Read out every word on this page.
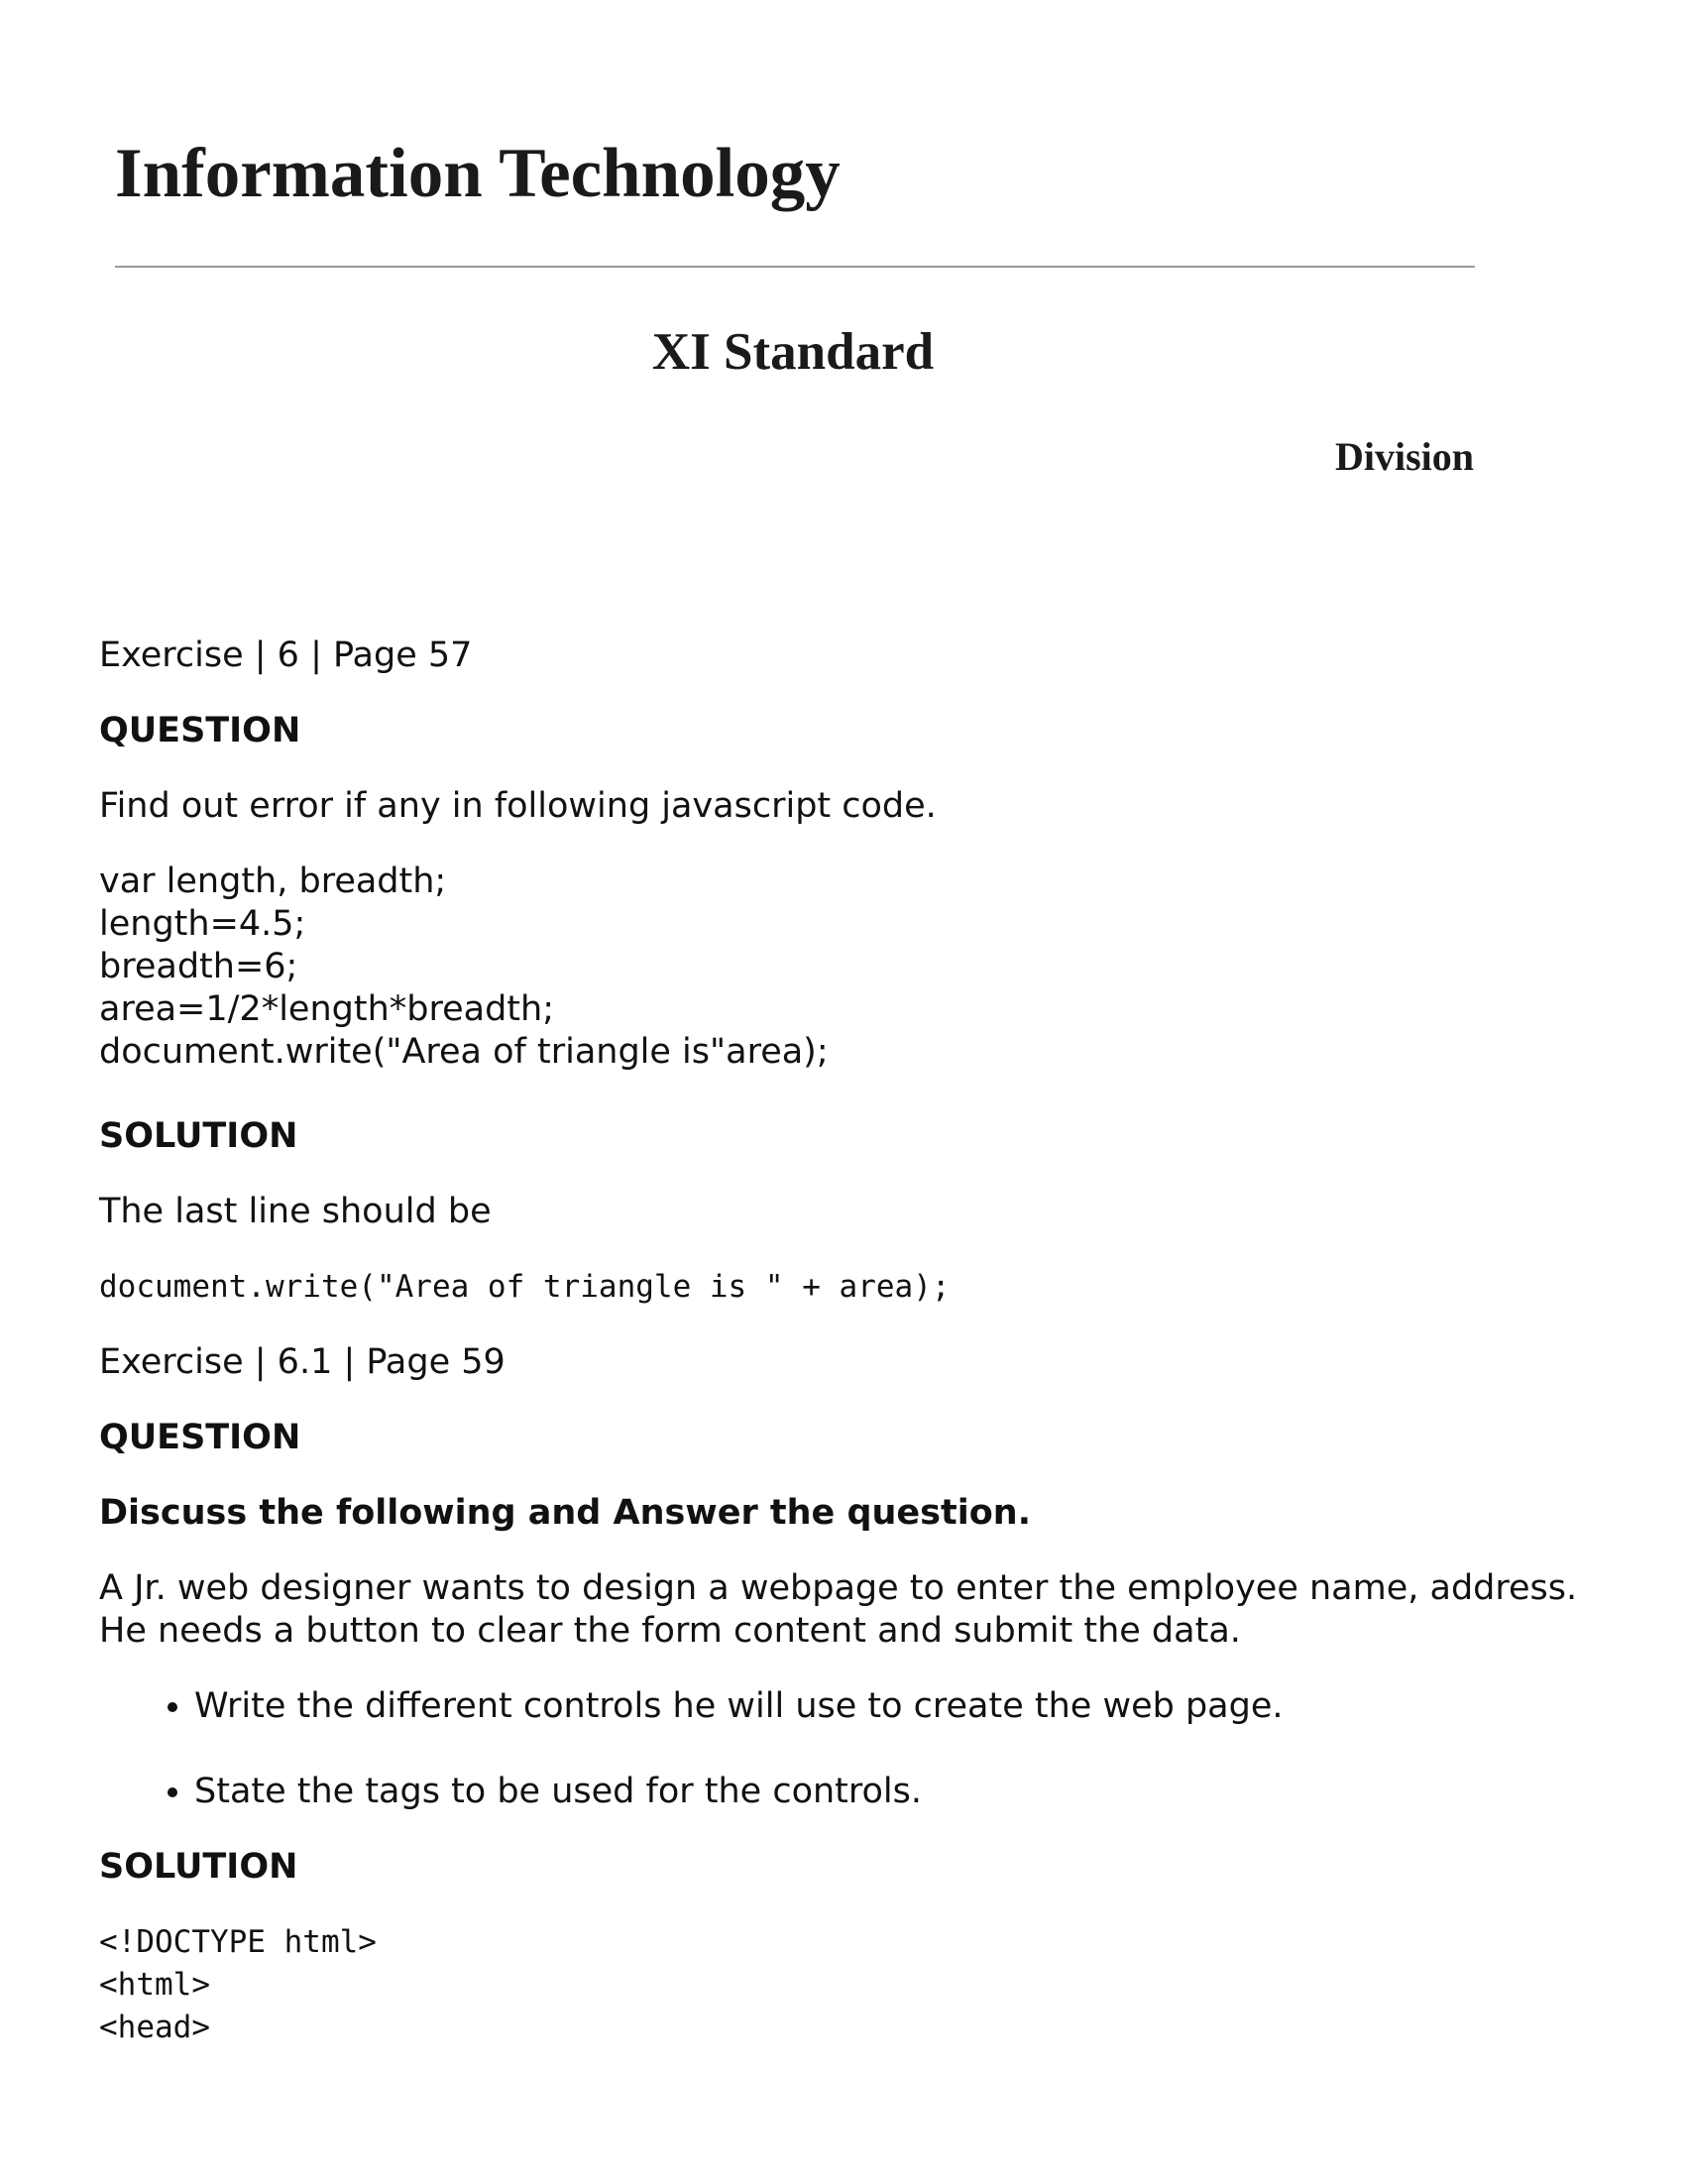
Information Technology
XI Standard
Division

Exercise | 6 | Page 57

QUESTION

Find out error if any in following javascript code.

var length, breadth;
length=4.5;
breadth=6;
area=1/2*length*breadth;
document.write("Area of triangle is"area);

SOLUTION

The last line should be

document.write("Area of triangle is " + area);

Exercise | 6.1 | Page 59

QUESTION

Discuss the following and Answer the question.

A Jr. web designer wants to design a webpage to enter the employee name, address. He needs a button to clear the form content and submit the data.

• Write the different controls he will use to create the web page.
• State the tags to be used for the controls.

SOLUTION

<!DOCTYPE html>
<html>
<head>
